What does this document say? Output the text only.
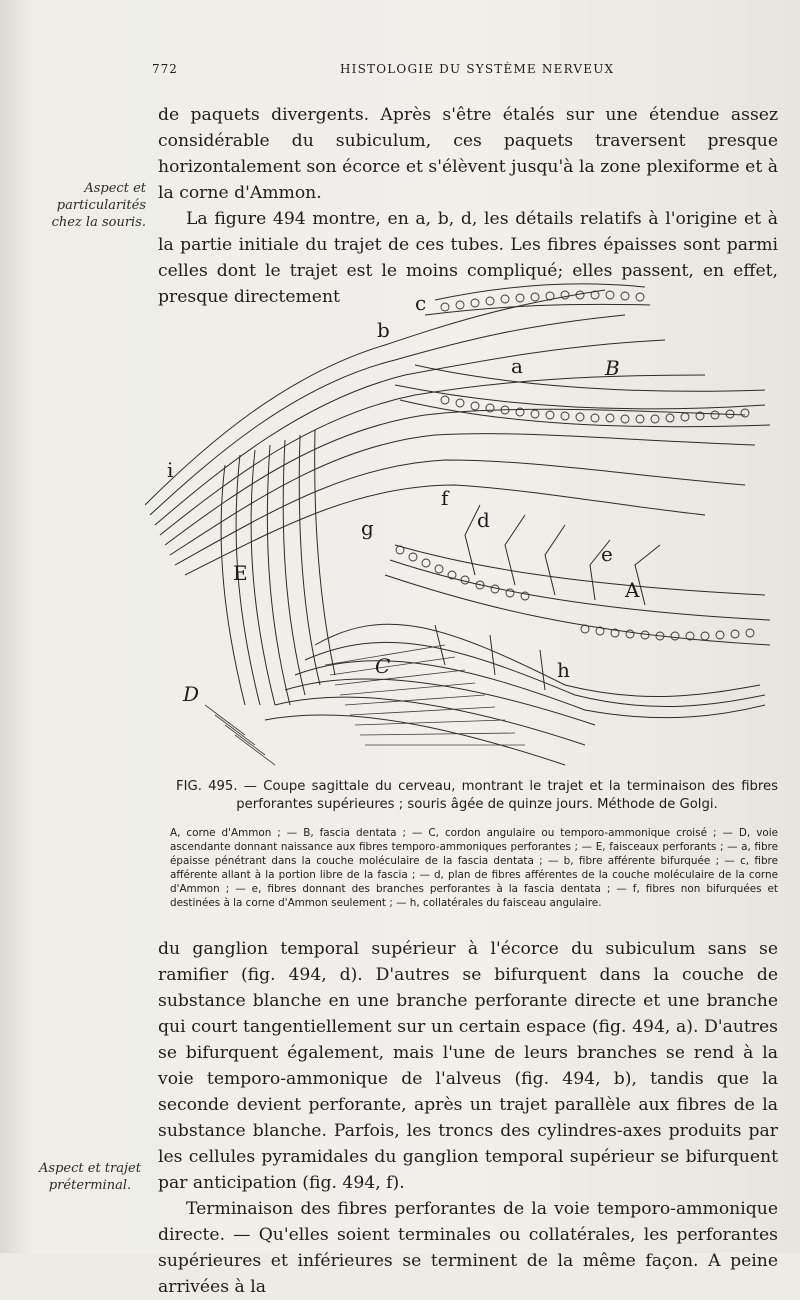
772	HISTOLOGIE DU SYSTÈME NERVEUX
Aspect et particularités chez la souris.

de paquets divergents. Après s'être étalés sur une étendue assez considérable du subiculum, ces paquets traversent presque horizontalement son écorce et s'élèvent jusqu'à la zone plexiforme et à la corne d'Ammon.

La figure 494 montre, en a, b, d, les détails relatifs à l'origine et à la partie initiale du trajet de ces tubes. Les fibres épaisses sont parmi celles dont le trajet est le moins compliqué; elles passent, en effet, presque directement	c
b
a	B
i
f
d
g
e
E
A
C	h
D
FIG. 495. — Coupe sagittale du cerveau, montrant le trajet et la terminaison des fibres perforantes supérieures ; souris âgée de quinze jours. Méthode de Golgi.
A, corne d'Ammon ; — B, fascia dentata ; — C, cordon angulaire ou temporo-ammonique croisé ; — D, voie ascendante donnant naissance aux fibres temporo-ammoniques perforantes ; — E, faisceaux perforants ; — a, fibre épaisse pénétrant dans la couche moléculaire de la fascia dentata ; — b, fibre afférente bifurquée ; — c, fibre afférente allant à la portion libre de la fascia ; — d, plan de fibres afférentes de la couche moléculaire de la corne d'Ammon ; — e, fibres donnant des branches perforantes à la fascia dentata ; — f, fibres non bifurquées et destinées à la corne d'Ammon seulement ; — h, collatérales du faisceau angulaire.

du ganglion temporal supérieur à l'écorce du subiculum sans se ramifier (fig. 494, d). D'autres se bifurquent dans la couche de substance blanche en une branche perforante directe et une branche qui court tangentiellement sur un certain espace (fig. 494, a). D'autres se bifurquent également, mais l'une de leurs branches se rend à la voie temporo-ammonique de l'alveus (fig. 494, b), tandis que la seconde devient perforante, après un trajet parallèle aux fibres de la substance blanche. Parfois, les troncs des cylindres-axes produits par les cellules pyramidales du ganglion temporal supérieur se bifurquent par anticipation (fig. 494, f).

Terminaison des fibres perforantes de la voie temporo-ammonique directe. — Qu'elles soient terminales ou collatérales, les perforantes supérieures et inférieures se terminent de la même façon. A peine arrivées à la

Aspect et trajet préterminal.
